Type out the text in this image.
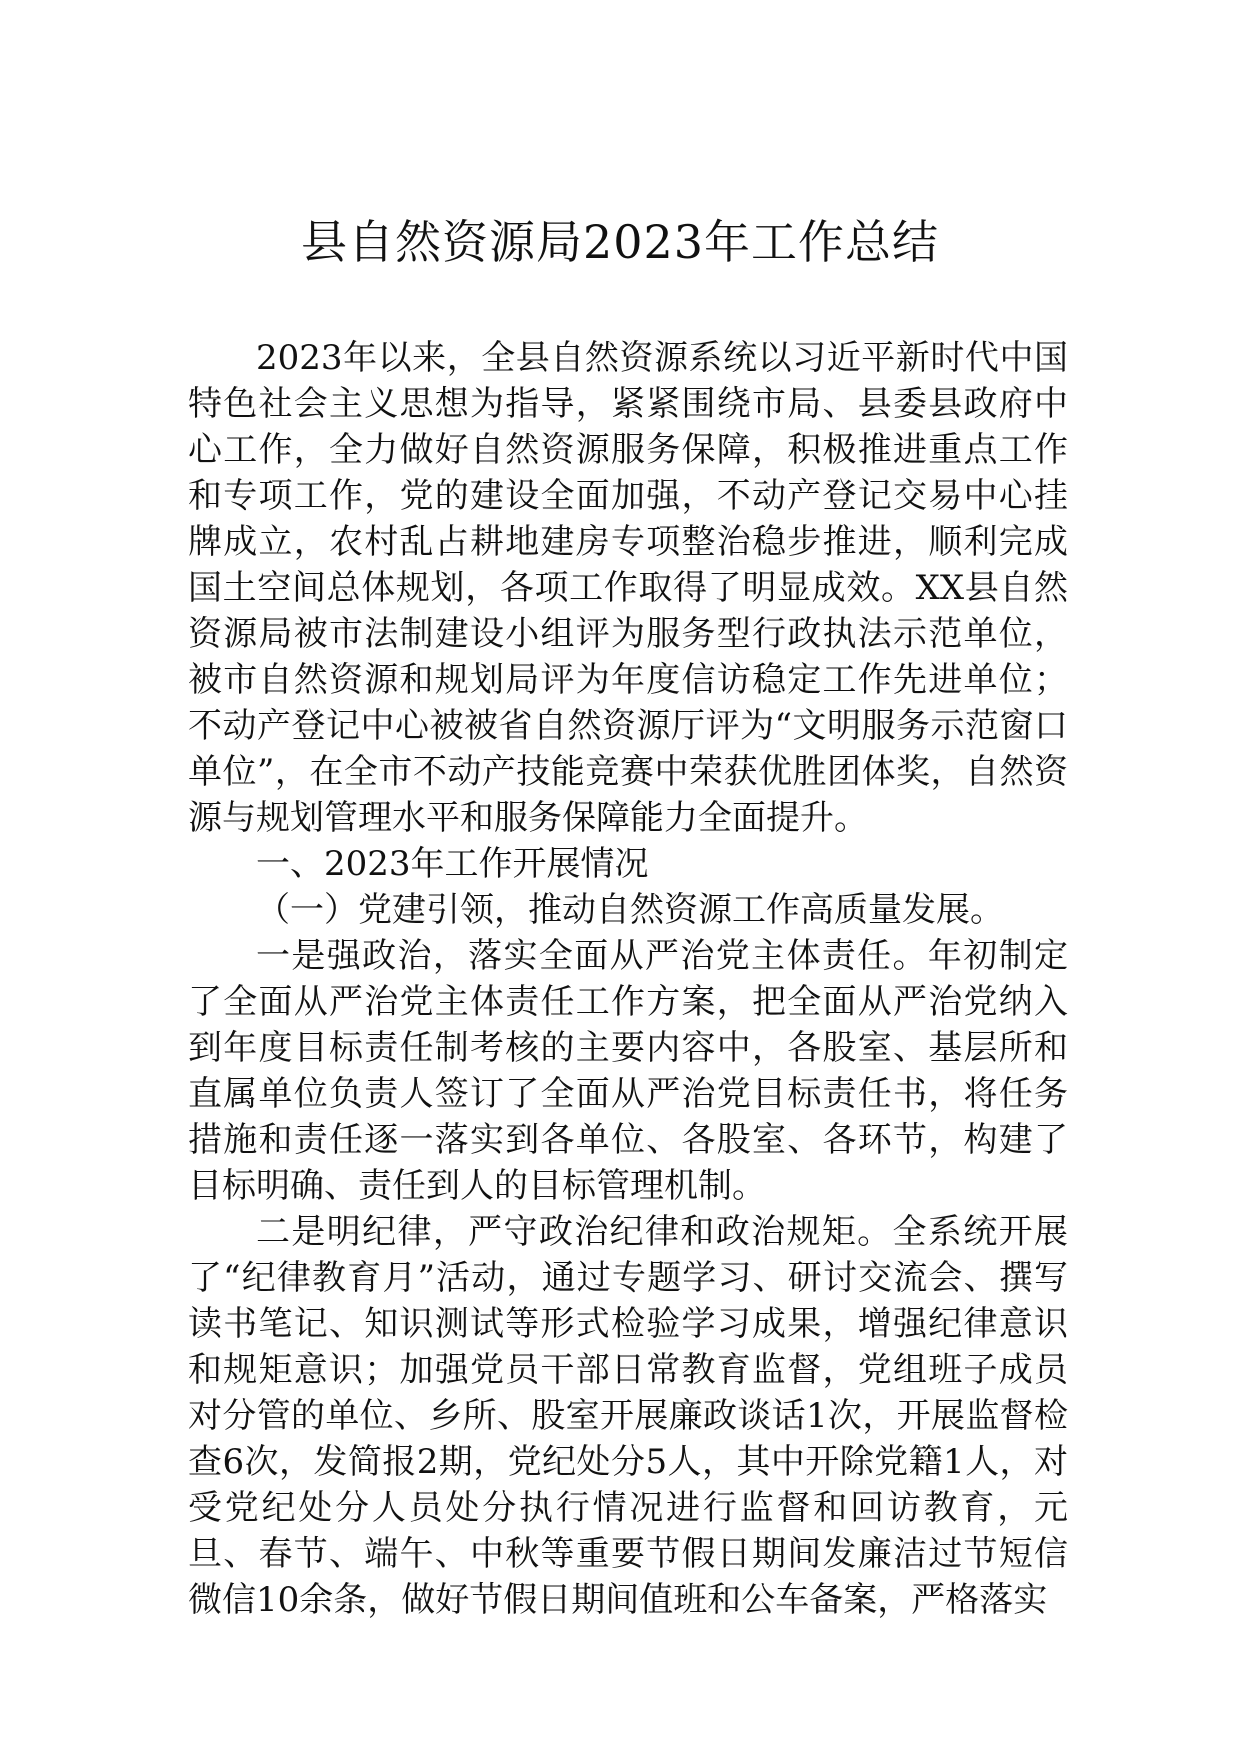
县自然资源局2023年工作总结

2023年以来，全县自然资源系统以习近平新时代中国特色社会主义思想为指导，紧紧围绕市局、县委县政府中心工作，全力做好自然资源服务保障，积极推进重点工作和专项工作，党的建设全面加强，不动产登记交易中心挂牌成立，农村乱占耕地建房专项整治稳步推进，顺利完成国土空间总体规划，各项工作取得了明显成效。XX县自然资源局被市法制建设小组评为服务型行政执法示范单位，被市自然资源和规划局评为年度信访稳定工作先进单位；不动产登记中心被被省自然资源厅评为“文明服务示范窗口单位”，在全市不动产技能竞赛中荣获优胜团体奖，自然资源与规划管理水平和服务保障能力全面提升。

一、2023年工作开展情况

（一）党建引领，推动自然资源工作高质量发展。

一是强政治，落实全面从严治党主体责任。年初制定了全面从严治党主体责任工作方案，把全面从严治党纳入到年度目标责任制考核的主要内容中，各股室、基层所和直属单位负责人签订了全面从严治党目标责任书，将任务措施和责任逐一落实到各单位、各股室、各环节，构建了目标明确、责任到人的目标管理机制。

二是明纪律，严守政治纪律和政治规矩。全系统开展了“纪律教育月”活动，通过专题学习、研讨交流会、撰写读书笔记、知识测试等形式检验学习成果，增强纪律意识和规矩意识；加强党员干部日常教育监督，党组班子成员对分管的单位、乡所、股室开展廉政谈话1次，开展监督检查6次，发简报2期，党纪处分5人，其中开除党籍1人，对受党纪处分人员处分执行情况进行监督和回访教育，元旦、春节、端午、中秋等重要节假日期间发廉洁过节短信微信10余条，做好节假日期间值班和公车备案，严格落实
